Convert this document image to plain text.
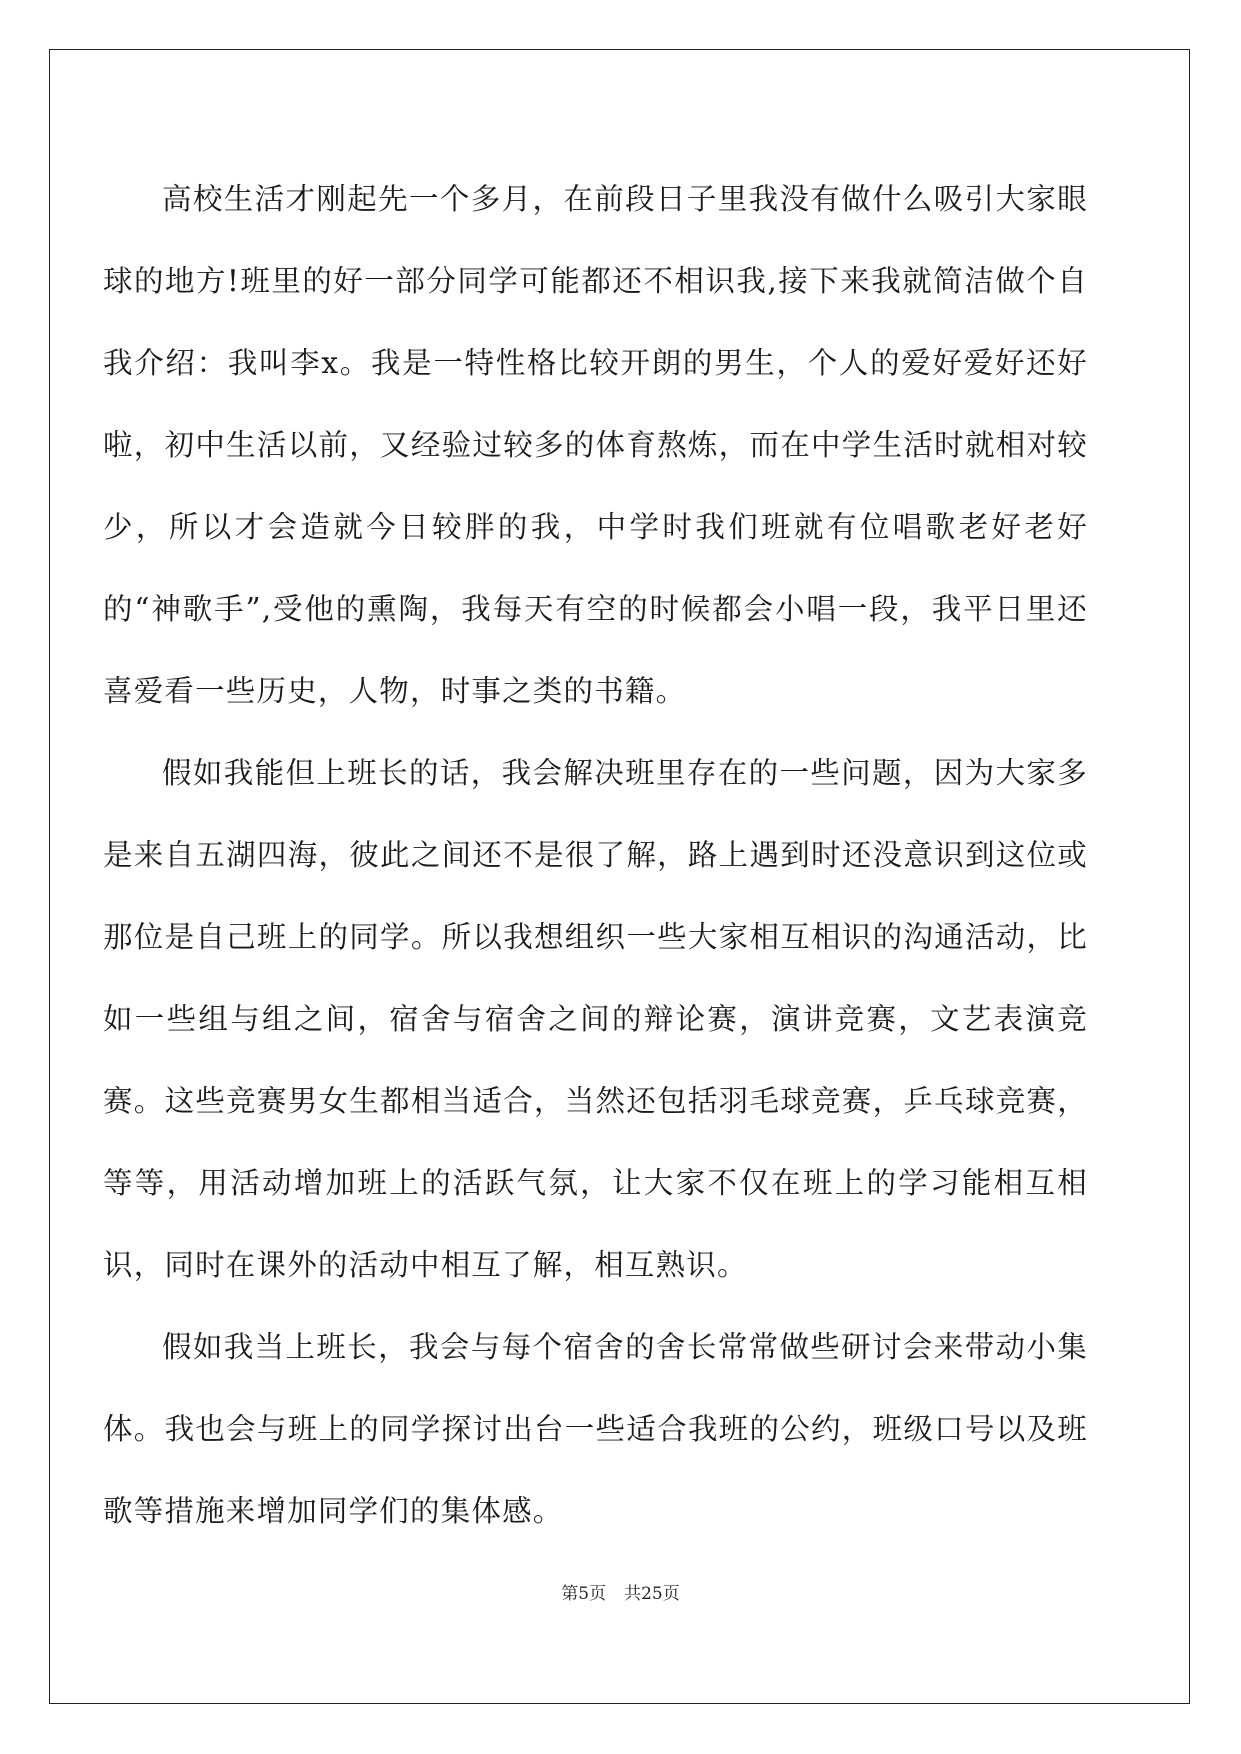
高校生活才刚起先一个多月，在前段日子里我没有做什么吸引大家眼球的地方!班里的好一部分同学可能都还不相识我,接下来我就简洁做个自我介绍：我叫李x。我是一特性格比较开朗的男生，个人的爱好爱好还好啦，初中生活以前，又经验过较多的体育熬炼，而在中学生活时就相对较少，所以才会造就今日较胖的我，中学时我们班就有位唱歌老好老好的“神歌手”,受他的熏陶，我每天有空的时候都会小唱一段，我平日里还喜爱看一些历史，人物，时事之类的书籍。

假如我能但上班长的话，我会解决班里存在的一些问题，因为大家多是来自五湖四海，彼此之间还不是很了解，路上遇到时还没意识到这位或那位是自己班上的同学。所以我想组织一些大家相互相识的沟通活动，比如一些组与组之间，宿舍与宿舍之间的辩论赛，演讲竞赛，文艺表演竞赛。这些竞赛男女生都相当适合，当然还包括羽毛球竞赛，乒乓球竞赛，等等，用活动增加班上的活跃气氛，让大家不仅在班上的学习能相互相识，同时在课外的活动中相互了解，相互熟识。

假如我当上班长，我会与每个宿舍的舍长常常做些研讨会来带动小集体。我也会与班上的同学探讨出台一些适合我班的公约，班级口号以及班歌等措施来增加同学们的集体感。

第5页 共25页
